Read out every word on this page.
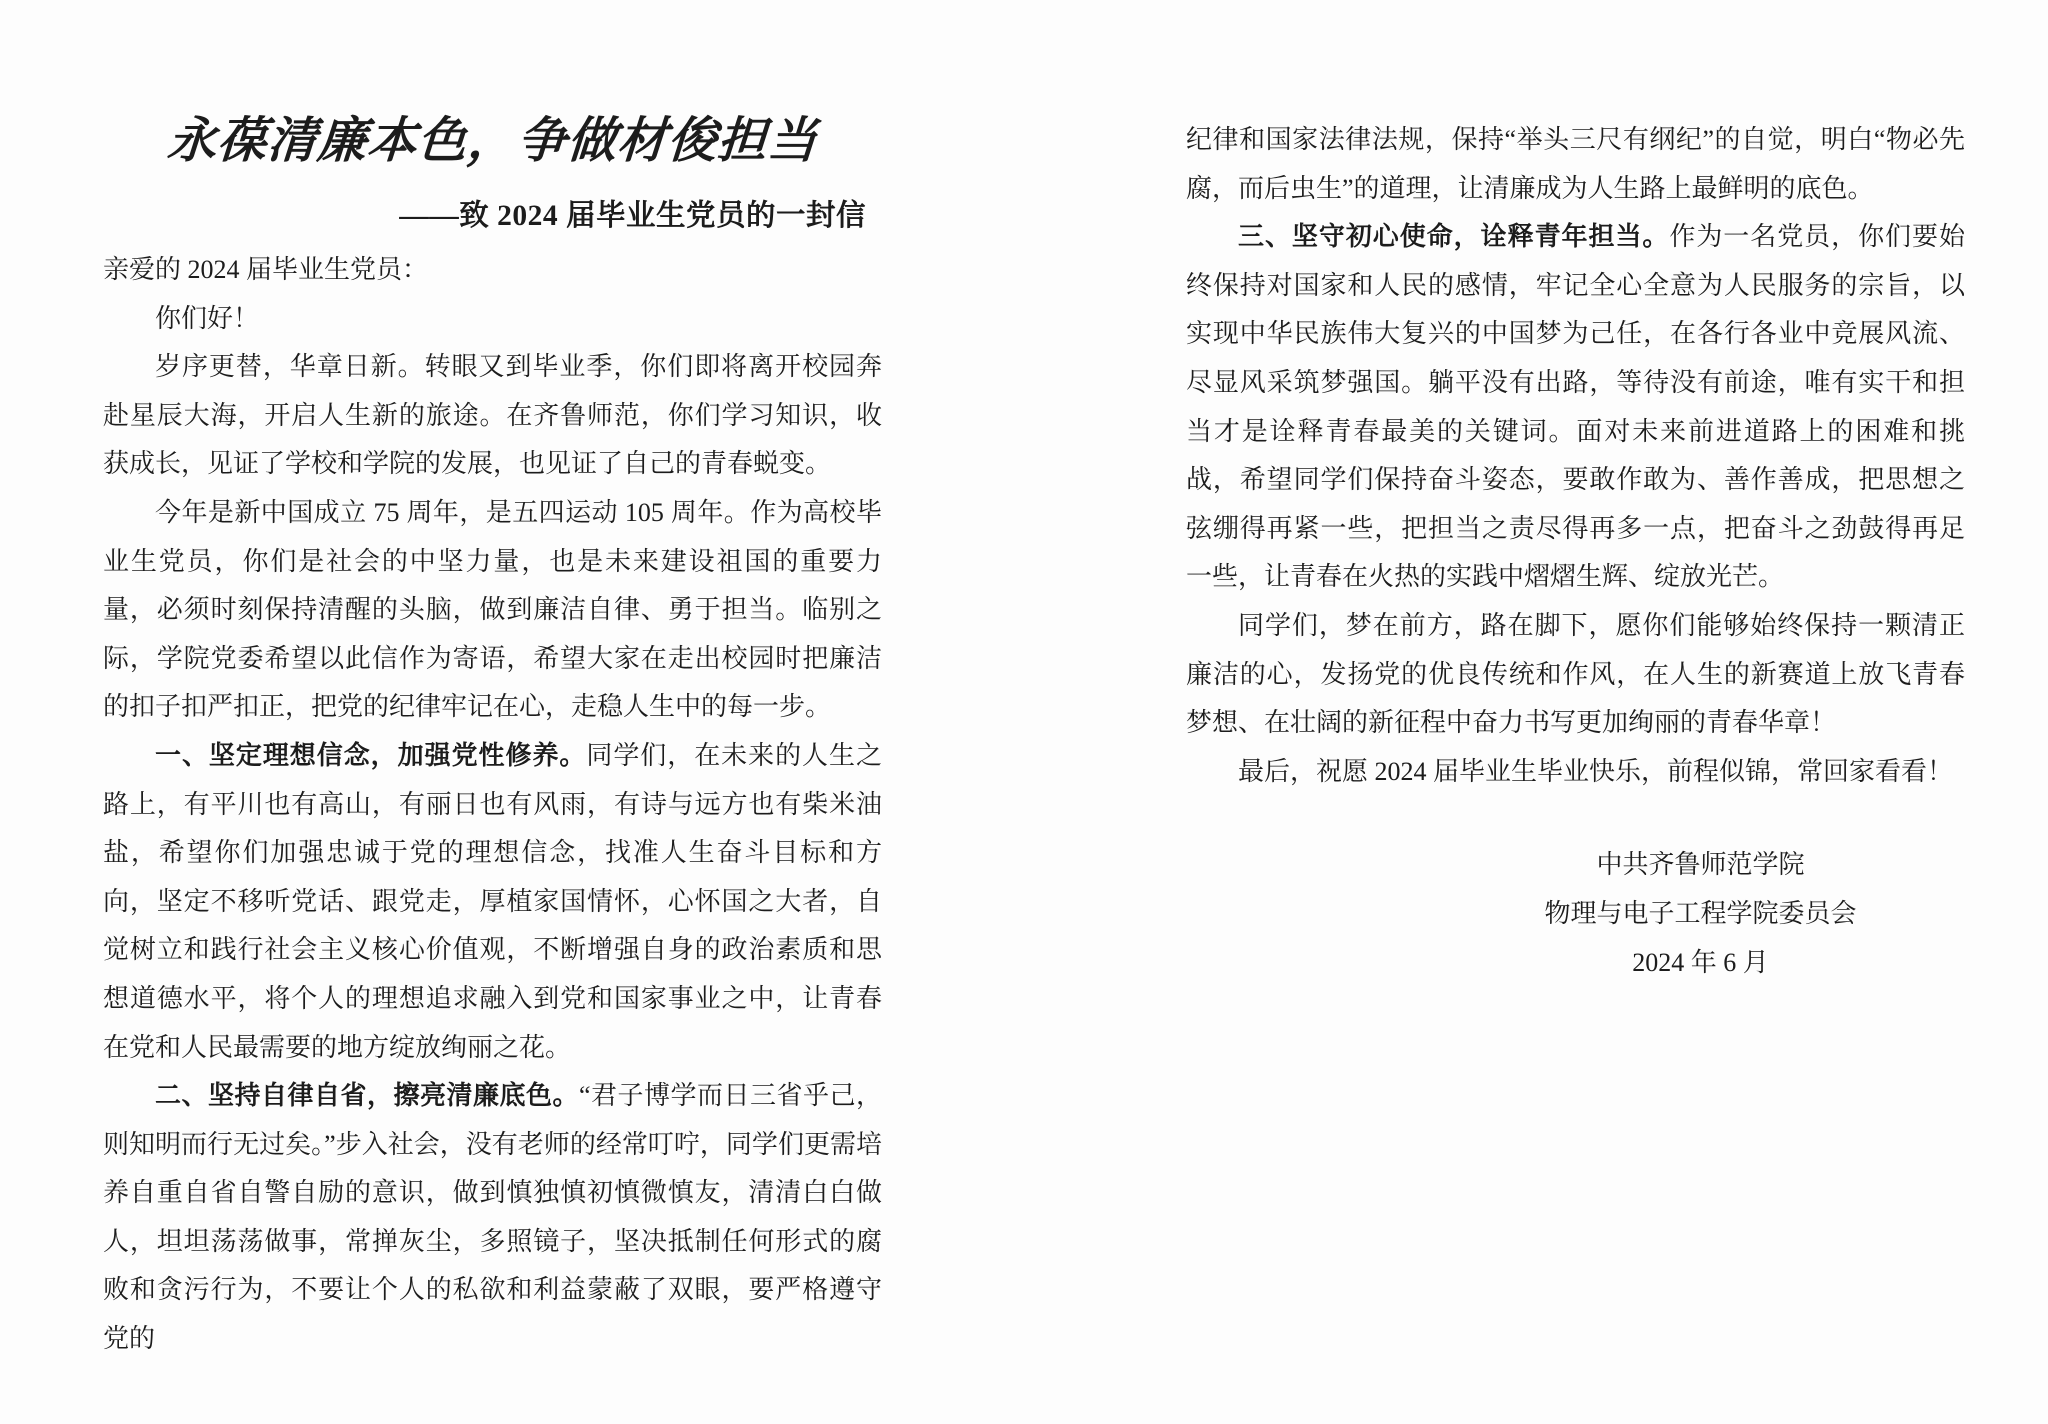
永葆清廉本色，争做材俊担当
——致 2024 届毕业生党员的一封信

亲爱的 2024 届毕业生党员：

你们好！

岁序更替，华章日新。转眼又到毕业季，你们即将离开校园奔赴星辰大海，开启人生新的旅途。在齐鲁师范，你们学习知识，收获成长，见证了学校和学院的发展，也见证了自己的青春蜕变。

今年是新中国成立 75 周年，是五四运动 105 周年。作为高校毕业生党员，你们是社会的中坚力量，也是未来建设祖国的重要力量，必须时刻保持清醒的头脑，做到廉洁自律、勇于担当。临别之际，学院党委希望以此信作为寄语，希望大家在走出校园时把廉洁的扣子扣严扣正，把党的纪律牢记在心，走稳人生中的每一步。

一、坚定理想信念，加强党性修养。同学们，在未来的人生之路上，有平川也有高山，有丽日也有风雨，有诗与远方也有柴米油盐，希望你们加强忠诚于党的理想信念，找准人生奋斗目标和方向，坚定不移听党话、跟党走，厚植家国情怀，心怀国之大者，自觉树立和践行社会主义核心价值观，不断增强自身的政治素质和思想道德水平，将个人的理想追求融入到党和国家事业之中，让青春在党和人民最需要的地方绽放绚丽之花。

二、坚持自律自省，擦亮清廉底色。“君子博学而日三省乎己，则知明而行无过矣。”步入社会，没有老师的经常叮咛，同学们更需培养自重自省自警自励的意识，做到慎独慎初慎微慎友，清清白白做人，坦坦荡荡做事，常掸灰尘，多照镜子，坚决抵制任何形式的腐败和贪污行为，不要让个人的私欲和利益蒙蔽了双眼，要严格遵守党的

纪律和国家法律法规，保持“举头三尺有纲纪”的自觉，明白“物必先腐，而后虫生”的道理，让清廉成为人生路上最鲜明的底色。

三、坚守初心使命，诠释青年担当。作为一名党员，你们要始终保持对国家和人民的感情，牢记全心全意为人民服务的宗旨，以实现中华民族伟大复兴的中国梦为己任，在各行各业中竞展风流、尽显风采筑梦强国。躺平没有出路，等待没有前途，唯有实干和担当才是诠释青春最美的关键词。面对未来前进道路上的困难和挑战，希望同学们保持奋斗姿态，要敢作敢为、善作善成，把思想之弦绷得再紧一些，把担当之责尽得再多一点，把奋斗之劲鼓得再足一些，让青春在火热的实践中熠熠生辉、绽放光芒。

同学们，梦在前方，路在脚下，愿你们能够始终保持一颗清正廉洁的心，发扬党的优良传统和作风，在人生的新赛道上放飞青春梦想、在壮阔的新征程中奋力书写更加绚丽的青春华章！

最后，祝愿 2024 届毕业生毕业快乐，前程似锦，常回家看看！

中共齐鲁师范学院

物理与电子工程学院委员会

2024 年 6 月
